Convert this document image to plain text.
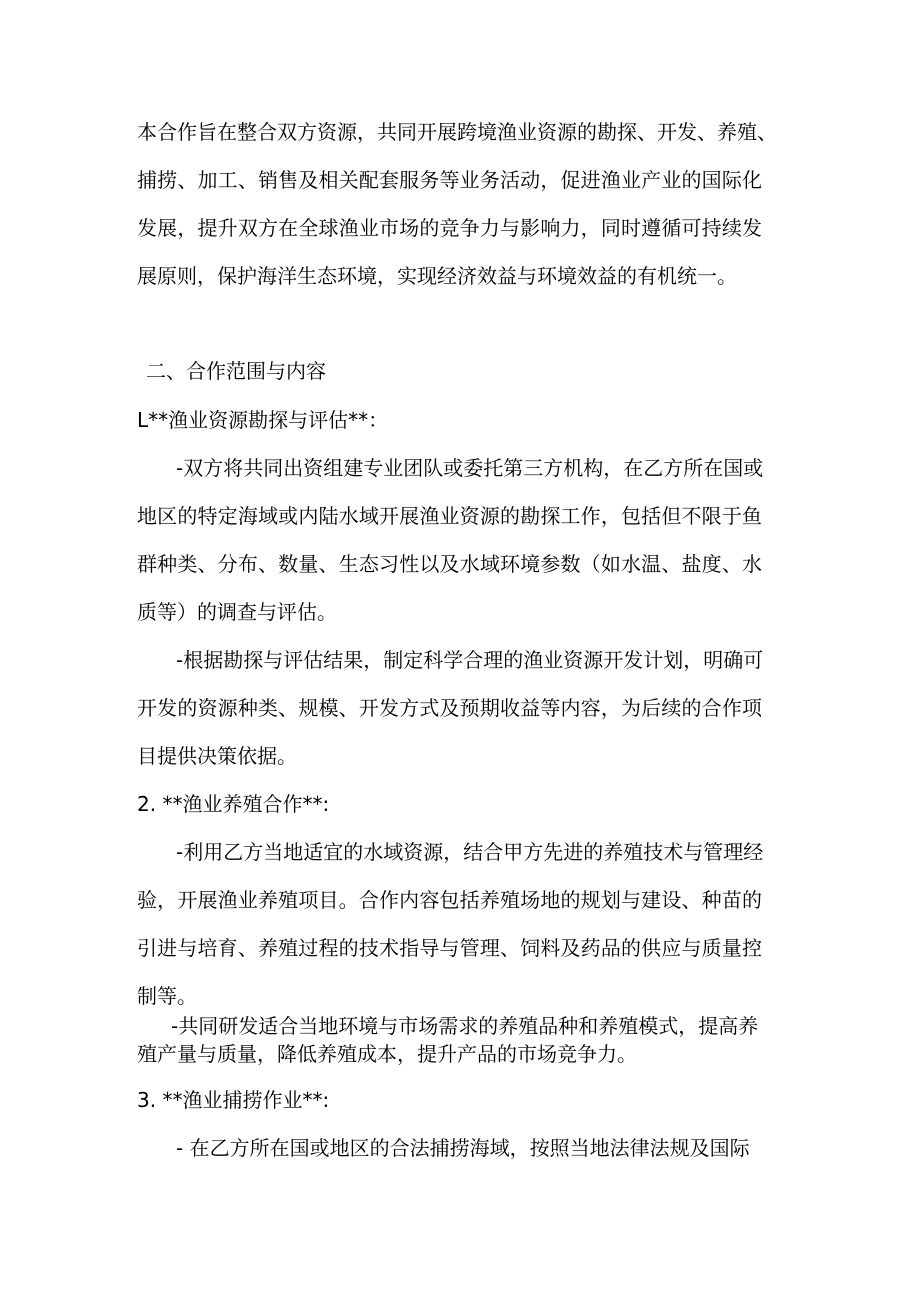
本合作旨在整合双方资源，共同开展跨境渔业资源的勘探、开发、养殖、
捕捞、加工、销售及相关配套服务等业务活动，促进渔业产业的国际化
发展，提升双方在全球渔业市场的竞争力与影响力，同时遵循可持续发
展原则，保护海洋生态环境，实现经济效益与环境效益的有机统一。
二、合作范围与内容
L**渔业资源勘探与评估**：
-双方将共同出资组建专业团队或委托第三方机构，在乙方所在国或
地区的特定海域或内陆水域开展渔业资源的勘探工作，包括但不限于鱼
群种类、分布、数量、生态习性以及水域环境参数（如水温、盐度、水
质等）的调查与评估。
-根据勘探与评估结果，制定科学合理的渔业资源开发计划，明确可
开发的资源种类、规模、开发方式及预期收益等内容，为后续的合作项
目提供决策依据。
2. **渔业养殖合作**:
-利用乙方当地适宜的水域资源，结合甲方先进的养殖技术与管理经
验，开展渔业养殖项目。合作内容包括养殖场地的规划与建设、种苗的
引进与培育、养殖过程的技术指导与管理、饲料及药品的供应与质量控
制等。
-共同研发适合当地环境与市场需求的养殖品种和养殖模式，提高养
殖产量与质量，降低养殖成本，提升产品的市场竞争力。
3. **渔业捕捞作业**:
- 在乙方所在国或地区的合法捕捞海域，按照当地法律法规及国际
